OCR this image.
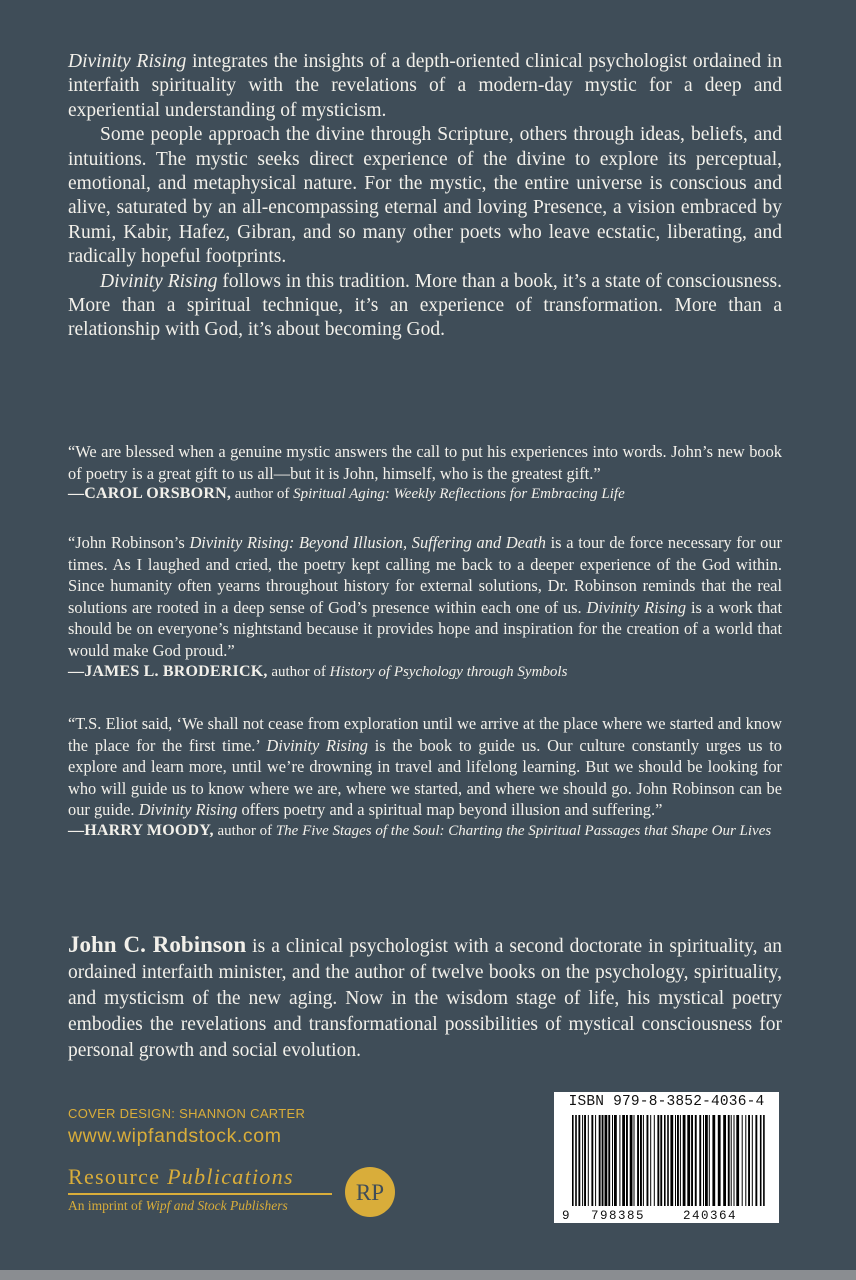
Divinity Rising integrates the insights of a depth-oriented clinical psychologist ordained in interfaith spirituality with the revelations of a modern-day mystic for a deep and experiential understanding of mysticism.

Some people approach the divine through Scripture, others through ideas, beliefs, and intuitions. The mystic seeks direct experience of the divine to explore its perceptual, emotional, and metaphysical nature. For the mystic, the entire universe is conscious and alive, saturated by an all-encompassing eternal and loving Presence, a vision embraced by Rumi, Kabir, Hafez, Gibran, and so many other poets who leave ecstatic, liberating, and radically hopeful footprints.

Divinity Rising follows in this tradition. More than a book, it’s a state of consciousness. More than a spiritual technique, it’s an experience of transformation. More than a relationship with God, it’s about becoming God.

“We are blessed when a genuine mystic answers the call to put his experiences into words. John’s new book of poetry is a great gift to us all—but it is John, himself, who is the greatest gift.”

—CAROL ORSBORN, author of Spiritual Aging: Weekly Reflections for Embracing Life

“John Robinson’s Divinity Rising: Beyond Illusion, Suffering and Death is a tour de force necessary for our times. As I laughed and cried, the poetry kept calling me back to a deeper experience of the God within. Since humanity often yearns throughout history for external solutions, Dr. Robinson reminds that the real solutions are rooted in a deep sense of God’s presence within each one of us. Divinity Rising is a work that should be on everyone’s nightstand because it provides hope and inspiration for the creation of a world that would make God proud.”

—JAMES L. BRODERICK, author of History of Psychology through Symbols

“T.S. Eliot said, ‘We shall not cease from exploration until we arrive at the place where we started and know the place for the first time.’ Divinity Rising is the book to guide us. Our culture constantly urges us to explore and learn more, until we’re drowning in travel and lifelong learning. But we should be looking for who will guide us to know where we are, where we started, and where we should go. John Robinson can be our guide. Divinity Rising offers poetry and a spiritual map beyond illusion and suffering.”

—HARRY MOODY, author of The Five Stages of the Soul: Charting the Spiritual Passages that Shape Our Lives

John C. Robinson is a clinical psychologist with a second doctorate in spirituality, an ordained interfaith minister, and the author of twelve books on the psychology, spirituality, and mysticism of the new aging. Now in the wisdom stage of life, his mystical poetry embodies the revelations and transformational possibilities of mystical consciousness for personal growth and social evolution.
COVER DESIGN: SHANNON CARTER
www.wipfandstock.com
Resource Publications
An imprint of Wipf and Stock Publishers
RP
ISBN 979-8-3852-4036-4
9 798385	240364
